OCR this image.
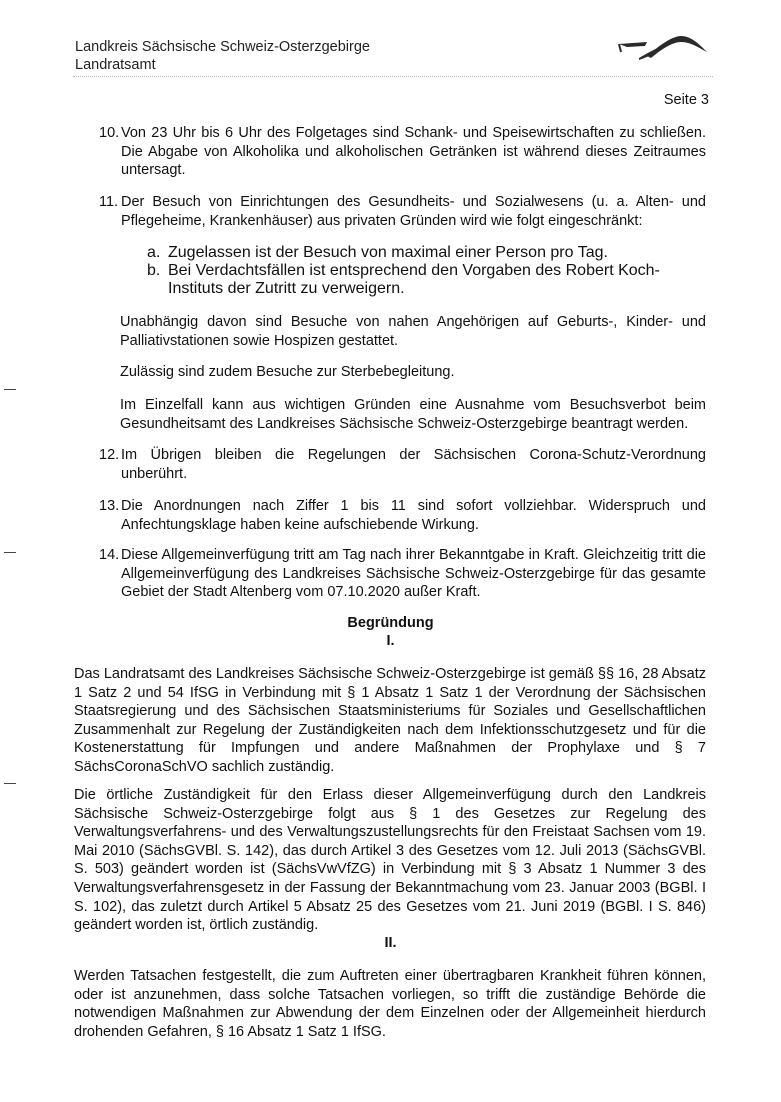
Landkreis Sächsische Schweiz-Osterzgebirge
Landratsamt
Seite 3
10. Von 23 Uhr bis 6 Uhr des Folgetages sind Schank- und Speisewirtschaften zu schließen. Die Abgabe von Alkoholika und alkoholischen Getränken ist während dieses Zeitraumes untersagt.
11. Der Besuch von Einrichtungen des Gesundheits- und Sozialwesens (u. a. Alten- und Pflegeheime, Krankenhäuser) aus privaten Gründen wird wie folgt eingeschränkt:
a. Zugelassen ist der Besuch von maximal einer Person pro Tag.
b. Bei Verdachtsfällen ist entsprechend den Vorgaben des Robert Koch-Instituts der Zutritt zu verweigern.

Unabhängig davon sind Besuche von nahen Angehörigen auf Geburts-, Kinder- und Palliativstationen sowie Hospizen gestattet.

Zulässig sind zudem Besuche zur Sterbebegleitung.

Im Einzelfall kann aus wichtigen Gründen eine Ausnahme vom Besuchsverbot beim Gesundheitsamt des Landkreises Sächsische Schweiz-Osterzgebirge beantragt werden.

12. Im Übrigen bleiben die Regelungen der Sächsischen Corona-Schutz-Verordnung unberührt.
13. Die Anordnungen nach Ziffer 1 bis 11 sind sofort vollziehbar. Widerspruch und Anfechtungsklage haben keine aufschiebende Wirkung.
14. Diese Allgemeinverfügung tritt am Tag nach ihrer Bekanntgabe in Kraft. Gleichzeitig tritt die Allgemeinverfügung des Landkreises Sächsische Schweiz-Osterzgebirge für das gesamte Gebiet der Stadt Altenberg vom 07.10.2020 außer Kraft.
Begründung
I.

Das Landratsamt des Landkreises Sächsische Schweiz-Osterzgebirge ist gemäß §§ 16, 28 Absatz 1 Satz 2 und 54 IfSG in Verbindung mit § 1 Absatz 1 Satz 1 der Verordnung der Sächsischen Staatsregierung und des Sächsischen Staatsministeriums für Soziales und Gesellschaftlichen Zusammenhalt zur Regelung der Zuständigkeiten nach dem Infektionsschutzgesetz und für die Kostenerstattung für Impfungen und andere Maßnahmen der Prophylaxe und § 7 SächsCoronaSchVO sachlich zuständig.

Die örtliche Zuständigkeit für den Erlass dieser Allgemeinverfügung durch den Landkreis Sächsische Schweiz-Osterzgebirge folgt aus § 1 des Gesetzes zur Regelung des Verwaltungsverfahrens- und des Verwaltungszustellungsrechts für den Freistaat Sachsen vom 19. Mai 2010 (SächsGVBl. S. 142), das durch Artikel 3 des Gesetzes vom 12. Juli 2013 (SächsGVBl. S. 503) geändert worden ist (SächsVwVfZG) in Verbindung mit § 3 Absatz 1 Nummer 3 des Verwaltungsverfahrensgesetz in der Fassung der Bekanntmachung vom 23. Januar 2003 (BGBl. I S. 102), das zuletzt durch Artikel 5 Absatz 25 des Gesetzes vom 21. Juni 2019 (BGBl. I S. 846) geändert worden ist, örtlich zuständig.

II.

Werden Tatsachen festgestellt, die zum Auftreten einer übertragbaren Krankheit führen können, oder ist anzunehmen, dass solche Tatsachen vorliegen, so trifft die zuständige Behörde die notwendigen Maßnahmen zur Abwendung der dem Einzelnen oder der Allgemeinheit hierdurch drohenden Gefahren, § 16 Absatz 1 Satz 1 IfSG.
